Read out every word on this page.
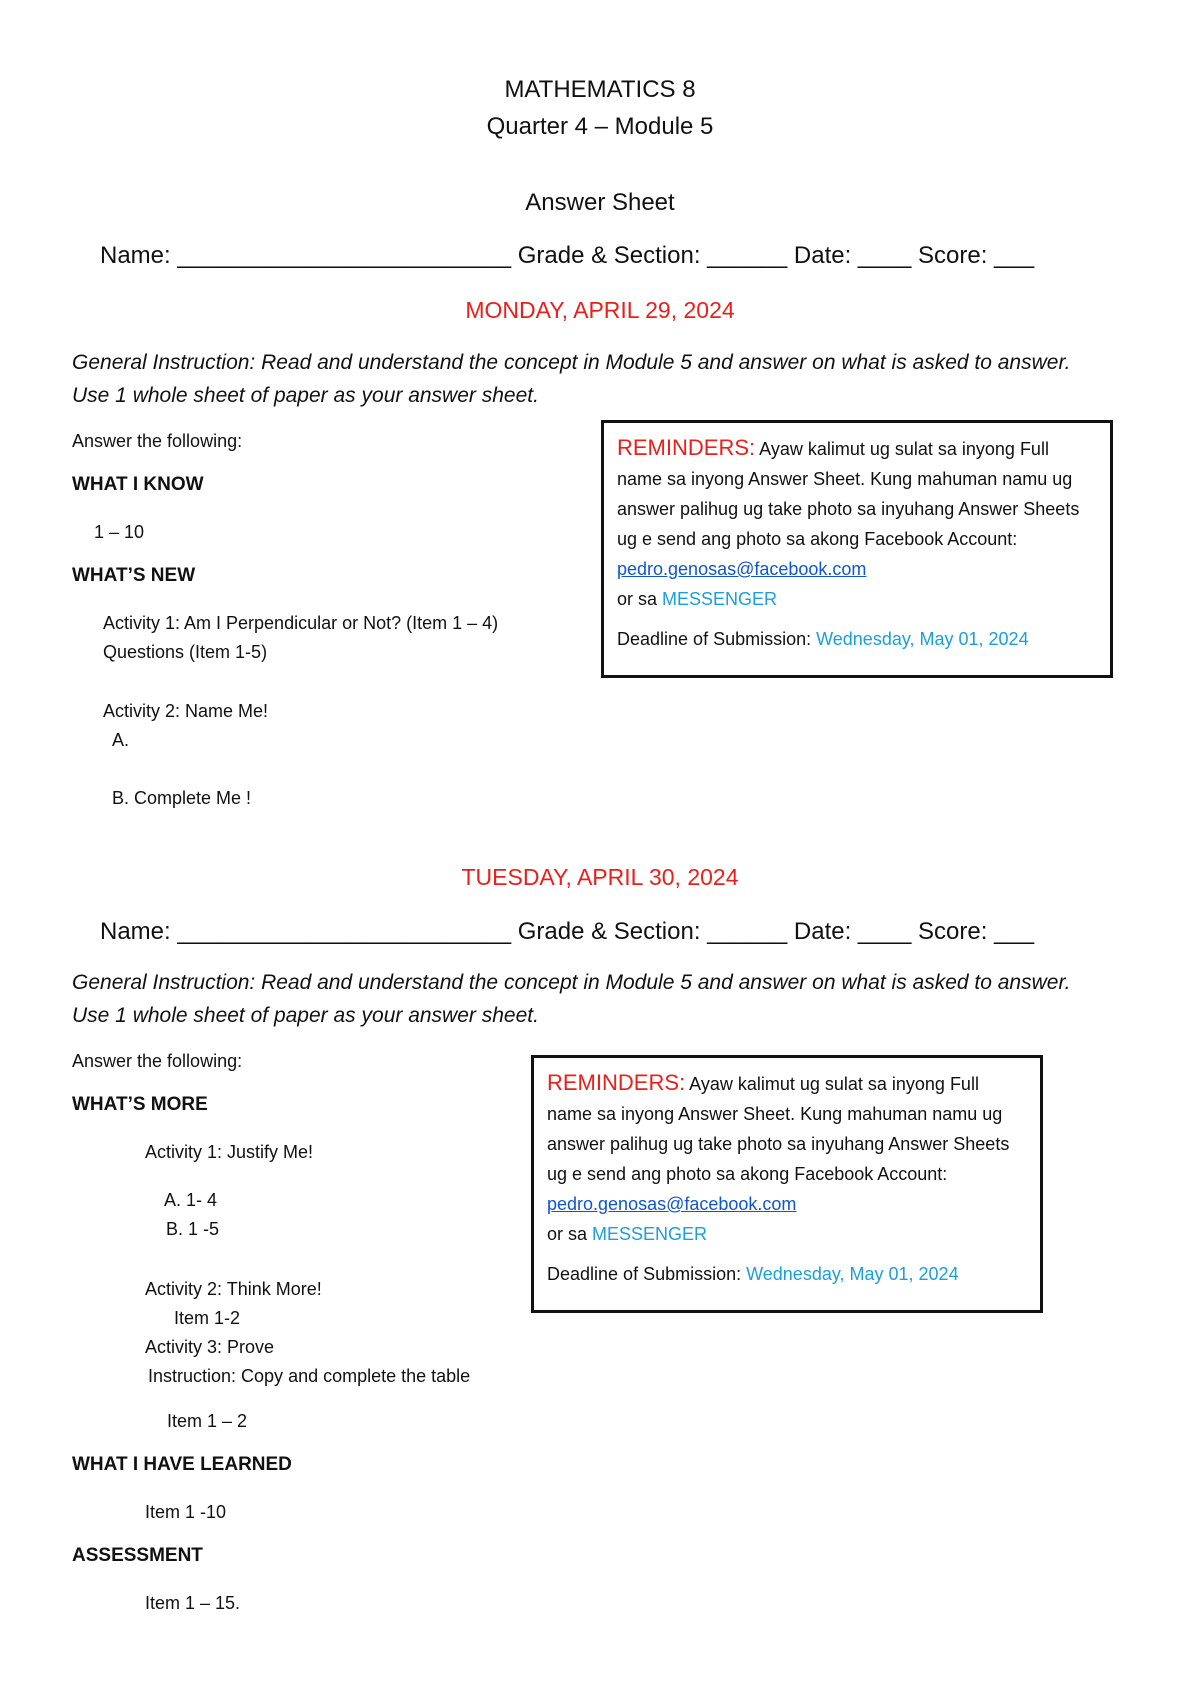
MATHEMATICS 8
Quarter 4 – Module 5
Answer Sheet
Name: _________________________ Grade & Section: ______ Date: ____ Score: ___
MONDAY, APRIL 29, 2024
General Instruction: Read and understand the concept in Module 5 and answer on what is asked to answer. Use 1 whole sheet of paper as your answer sheet.
Answer the following:
WHAT I KNOW
1 – 10
WHAT’S NEW
Activity 1: Am I Perpendicular or Not? (Item 1 – 4)
Questions (Item 1-5)
Activity 2: Name Me!
A.
B. Complete Me !
REMINDERS: Ayaw kalimut ug sulat sa inyong Full name sa inyong Answer Sheet. Kung mahuman namu ug answer palihug ug take photo sa inyuhang Answer Sheets ug e send ang photo sa akong Facebook Account: pedro.genosas@facebook.com
or sa MESSENGER
Deadline of Submission: Wednesday, May 01, 2024
TUESDAY, APRIL 30, 2024
Name: _________________________ Grade & Section: ______ Date: ____ Score: ___
General Instruction: Read and understand the concept in Module 5 and answer on what is asked to answer. Use 1 whole sheet of paper as your answer sheet.
Answer the following:
WHAT’S MORE
Activity 1: Justify Me!
A. 1- 4
B. 1 -5
Activity 2: Think More!
Item 1-2
Activity 3: Prove
Instruction: Copy and complete the table
Item 1 – 2
WHAT I HAVE LEARNED
Item 1 -10
ASSESSMENT
Item 1 – 15.
REMINDERS: Ayaw kalimut ug sulat sa inyong Full name sa inyong Answer Sheet. Kung mahuman namu ug answer palihug ug take photo sa inyuhang Answer Sheets ug e send ang photo sa akong Facebook Account: pedro.genosas@facebook.com
or sa MESSENGER
Deadline of Submission: Wednesday, May 01, 2024
